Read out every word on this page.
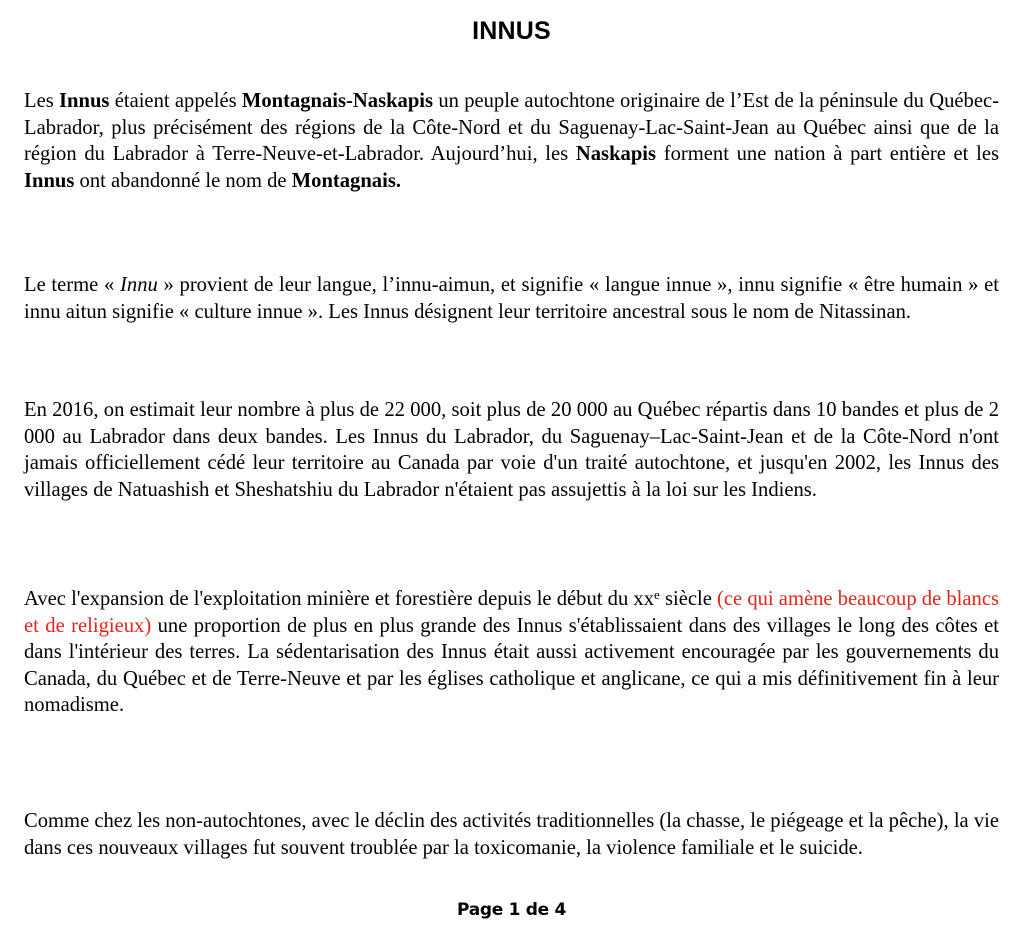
INNUS

Les Innus étaient appelés Montagnais-Naskapis un peuple autochtone originaire de l’Est de la péninsule du Québec-Labrador, plus précisément des régions de la Côte-Nord et du Saguenay-Lac-Saint-Jean au Québec ainsi que de la région du Labrador à Terre-Neuve-et-Labrador. Aujourd’hui, les Naskapis forment une nation à part entière et les Innus ont abandonné le nom de Montagnais.

Le terme « Innu » provient de leur langue, l’innu-aimun, et signifie « langue innue », innu signifie « être humain » et innu aitun signifie « culture innue ». Les Innus désignent leur territoire ancestral sous le nom de Nitassinan.

En 2016, on estimait leur nombre à plus de 22 000, soit plus de 20 000 au Québec répartis dans 10 bandes et plus de 2 000 au Labrador dans deux bandes. Les Innus du Labrador, du Saguenay–Lac-Saint-Jean et de la Côte-Nord n'ont jamais officiellement cédé leur territoire au Canada par voie d'un traité autochtone, et jusqu'en 2002, les Innus des villages de Natuashish et Sheshatshiu du Labrador n'étaient pas assujettis à la loi sur les Indiens.

Avec l'expansion de l'exploitation minière et forestière depuis le début du $xx^e$ siècle (ce qui amène beaucoup de blancs et de religieux) une proportion de plus en plus grande des Innus s'établissaient dans des villages le long des côtes et dans l'intérieur des terres. La sédentarisation des Innus était aussi activement encouragée par les gouvernements du Canada, du Québec et de Terre-Neuve et par les églises catholique et anglicane, ce qui a mis définitivement fin à leur nomadisme.

Comme chez les non-autochtones, avec le déclin des activités traditionnelles (la chasse, le piégeage et la pêche), la vie dans ces nouveaux villages fut souvent troublée par la toxicomanie, la violence familiale et le suicide.

Page 1 de 4
